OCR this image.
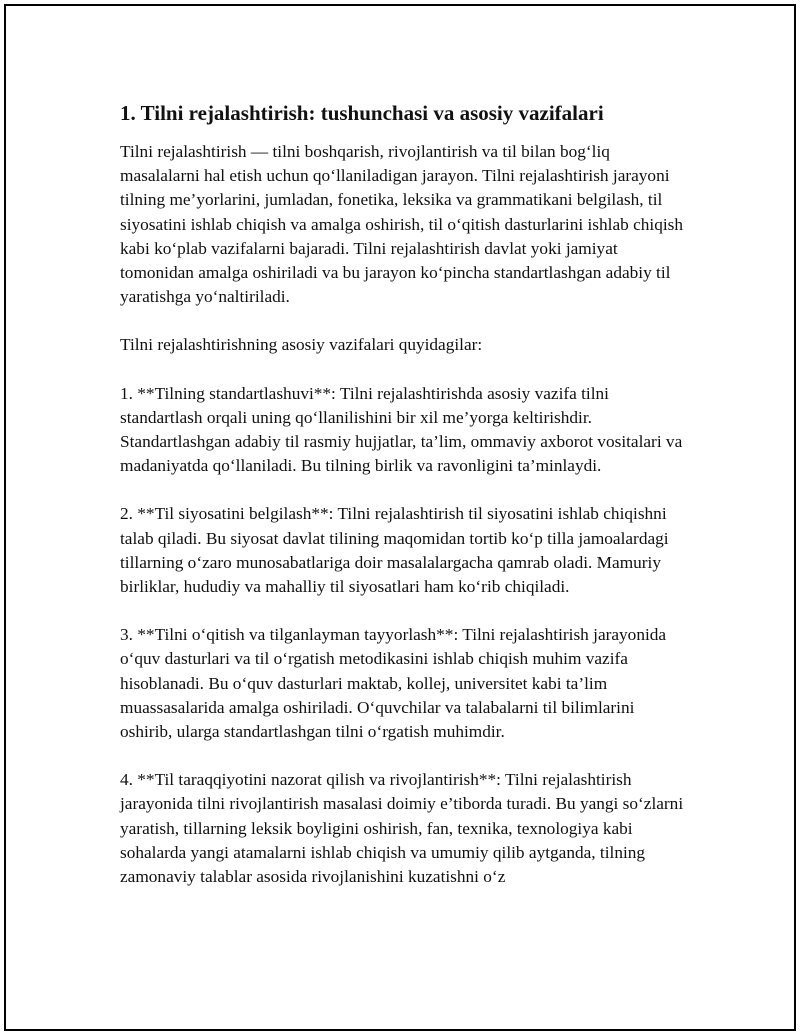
1. Tilni rejalashtirish: tushunchasi va asosiy vazifalari

Tilni rejalashtirish — tilni boshqarish, rivojlantirish va til bilan bog‘liq masalalarni hal etish uchun qo‘llaniladigan jarayon. Tilni rejalashtirish jarayoni tilning me’yorlarini, jumladan, fonetika, leksika va grammatikani belgilash, til siyosatini ishlab chiqish va amalga oshirish, til o‘qitish dasturlarini ishlab chiqish kabi ko‘plab vazifalarni bajaradi. Tilni rejalashtirish davlat yoki jamiyat tomonidan amalga oshiriladi va bu jarayon ko‘pincha standartlashgan adabiy til yaratishga yo‘naltiriladi.

Tilni rejalashtirishning asosiy vazifalari quyidagilar:

1. **Tilning standartlashuvi**: Tilni rejalashtirishda asosiy vazifa tilni standartlash orqali uning qo‘llanilishini bir xil me’yorga keltirishdir. Standartlashgan adabiy til rasmiy hujjatlar, ta’lim, ommaviy axborot vositalari va madaniyatda qo‘llaniladi. Bu tilning birlik va ravonligini ta’minlaydi.

2. **Til siyosatini belgilash**: Tilni rejalashtirish til siyosatini ishlab chiqishni talab qiladi. Bu siyosat davlat tilining maqomidan tortib ko‘p tilla jamoalardagi tillarning o‘zaro munosabatlariga doir masalalargacha qamrab oladi. Mamuriy birliklar, hududiy va mahalliy til siyosatlari ham ko‘rib chiqiladi.

3. **Tilni o‘qitish va tilganlayman tayyorlash**: Tilni rejalashtirish jarayonida o‘quv dasturlari va til o‘rgatish metodikasini ishlab chiqish muhim vazifa hisoblanadi. Bu o‘quv dasturlari maktab, kollej, universitet kabi ta’lim muassasalarida amalga oshiriladi. O‘quvchilar va talabalarni til bilimlarini oshirib, ularga standartlashgan tilni o‘rgatish muhimdir.

4. **Til taraqqiyotini nazorat qilish va rivojlantirish**: Tilni rejalashtirish jarayonida tilni rivojlantirish masalasi doimiy e’tiborda turadi. Bu yangi so‘zlarni yaratish, tillarning leksik boyligini oshirish, fan, texnika, texnologiya kabi sohalarda yangi atamalarni ishlab chiqish va umumiy qilib aytganda, tilning zamonaviy talablar asosida rivojlanishini kuzatishni o‘z
